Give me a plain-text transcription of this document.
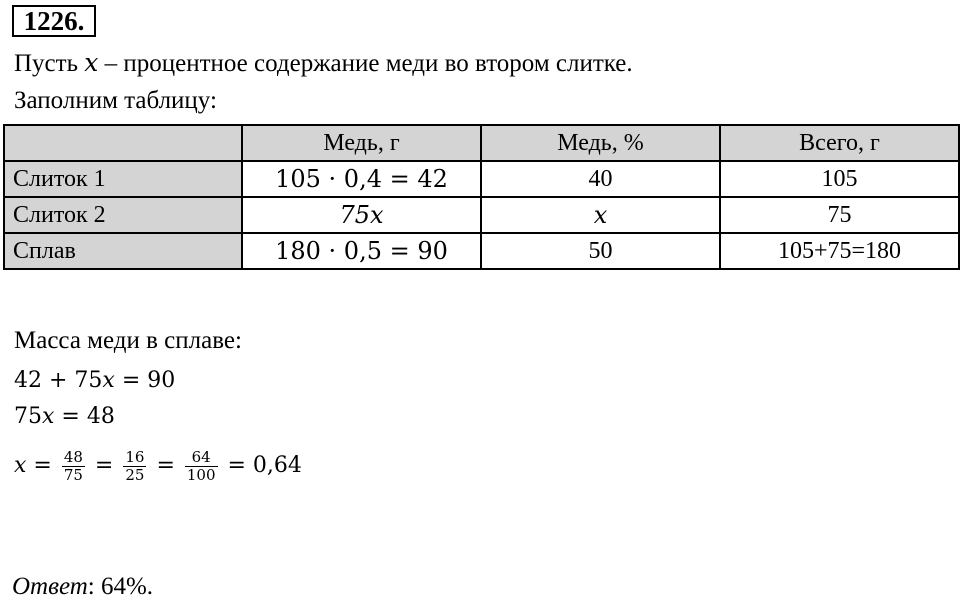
1226.
Пусть x – процентное содержание меди во втором слитке.
Заполним таблицу:
	Медь, г	Медь, %	Всего, г
Слиток 1	105 · 0,4 = 42	40	105
Слиток 2	75x	x	75
Сплав	180 · 0,5 = 90	50	105+75=180
Масса меди в сплаве:
42 + 75x = 90
75x = 48
$x = \frac{48}{75} = \frac{16}{25} = \frac{64}{100} = 0,64$
Ответ: 64%.
